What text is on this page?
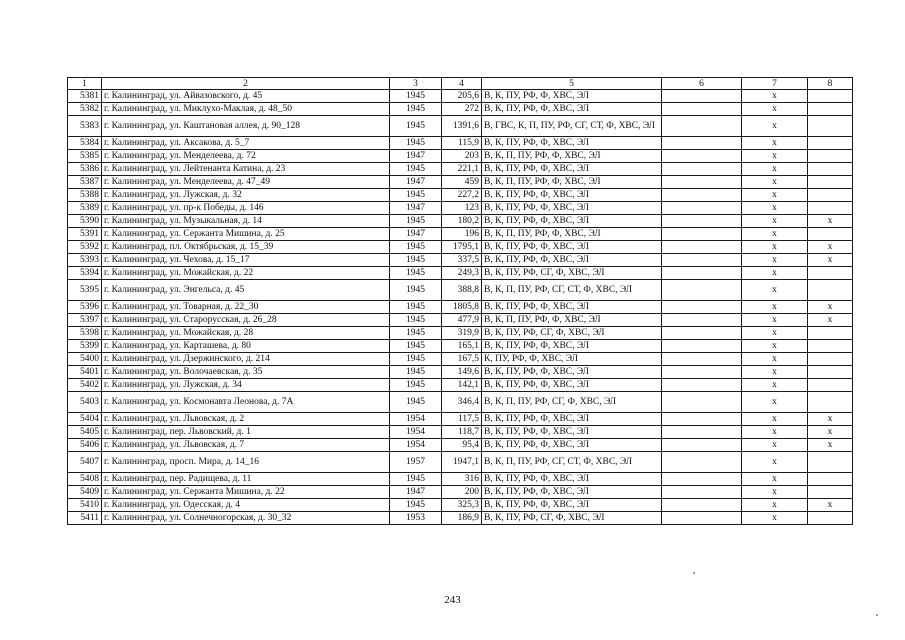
1	2	3	4	5	6	7	8
5381	г. Калининград, ул. Айвазовского, д. 45	1945	205,6	В, К, ПУ, РФ, Ф, ХВС, ЭЛ		x	
5382	г. Калининград, ул. Миклухо-Маклая, д. 48_50	1945	272	В, К, ПУ, РФ, Ф, ХВС, ЭЛ		x	
5383	г. Калининград, ул. Каштановая аллея, д. 90_128	1945	1391,6	В, ГВС, К, П, ПУ, РФ, СГ, СТ, Ф, ХВС, ЭЛ		x	
5384	г. Калининград, ул. Аксакова, д. 5_7	1945	115,9	В, К, ПУ, РФ, Ф, ХВС, ЭЛ		x	
5385	г. Калининград, ул. Менделеева, д. 72	1947	203	В, К, П, ПУ, РФ, Ф, ХВС, ЭЛ		x	
5386	г. Калининград, ул. Лейтенанта Катина, д. 23	1945	221,1	В, К, ПУ, РФ, Ф, ХВС, ЭЛ		x	
5387	г. Калининград, ул. Менделеева, д. 47_49	1947	459	В, К, П, ПУ, РФ, Ф, ХВС, ЭЛ		x	
5388	г. Калининград, ул. Лужская, д. 32	1945	227,2	В, К, ПУ, РФ, Ф, ХВС, ЭЛ		x	
5389	г. Калининград, ул. пр-к Победы, д. 146	1947	123	В, К, ПУ, РФ, Ф, ХВС, ЭЛ		x	
5390	г. Калининград, ул. Музыкальная, д. 14	1945	180,2	В, К, ПУ, РФ, Ф, ХВС, ЭЛ		x	x
5391	г. Калининград, ул. Сержанта Мишина, д. 25	1947	196	В, К, П, ПУ, РФ, Ф, ХВС, ЭЛ		x	
5392	г. Калининград, пл. Октябрьская, д. 15_39	1945	1795,1	В, К, ПУ, РФ, Ф, ХВС, ЭЛ		x	x
5393	г. Калининград, ул. Чехова, д. 15_17	1945	337,5	В, К, ПУ, РФ, Ф, ХВС, ЭЛ		x	x
5394	г. Калининград, ул. Можайская, д. 22	1945	249,3	В, К, ПУ, РФ, СГ, Ф, ХВС, ЭЛ		x	
5395	г. Калининград, ул. Энгельса, д. 45	1945	388,8	В, К, П, ПУ, РФ, СГ, СТ, Ф, ХВС, ЭЛ		x	
5396	г. Калининград, ул. Товарная, д. 22_30	1945	1805,8	В, К, ПУ, РФ, Ф, ХВС, ЭЛ		x	x
5397	г. Калининград, ул. Старорусская, д. 26_28	1945	477,9	В, К, П, ПУ, РФ, Ф, ХВС, ЭЛ		x	x
5398	г. Калининград, ул. Можайская, д. 28	1945	319,9	В, К, ПУ, РФ, СГ, Ф, ХВС, ЭЛ		x	
5399	г. Калининград, ул. Карташева, д. 80	1945	165,1	В, К, ПУ, РФ, Ф, ХВС, ЭЛ		x	
5400	г. Калининград, ул. Дзержинского, д. 214	1945	167,5	К, ПУ, РФ, Ф, ХВС, ЭЛ		x	
5401	г. Калининград, ул. Волочаевская, д. 35	1945	149,6	В, К, ПУ, РФ, Ф, ХВС, ЭЛ		x	
5402	г. Калининград, ул. Лужская, д. 34	1945	142,1	В, К, ПУ, РФ, Ф, ХВС, ЭЛ		x	
5403	г. Калининград, ул. Космонавта Леонова, д. 7А	1945	346,4	В, К, П, ПУ, РФ, СГ, Ф, ХВС, ЭЛ		x	
5404	г. Калининград, ул. Львовская, д. 2	1954	117,5	В, К, ПУ, РФ, Ф, ХВС, ЭЛ		x	x
5405	г. Калининград, пер. Львовский, д. 1	1954	118,7	В, К, ПУ, РФ, Ф, ХВС, ЭЛ		x	x
5406	г. Калининград, ул. Львовская, д. 7	1954	95,4	В, К, ПУ, РФ, Ф, ХВС, ЭЛ		x	x
5407	г. Калининград, просп. Мира, д. 14_16	1957	1947,1	В, К, П, ПУ, РФ, СГ, СТ, Ф, ХВС, ЭЛ		x	
5408	г. Калининград, пер. Радищева, д. 11	1945	316	В, К, ПУ, РФ, Ф, ХВС, ЭЛ		x	
5409	г. Калининград, ул. Сержанта Мишина, д. 22	1947	200	В, К, ПУ, РФ, Ф, ХВС, ЭЛ		x	
5410	г. Калининград, ул. Одесская, д. 4	1945	325,3	В, К, ПУ, РФ, Ф, ХВС, ЭЛ		x	x
5411	г. Калининград, ул. Солнечногорская, д. 30_32	1953	186,9	В, К, ПУ, РФ, СГ, Ф, ХВС, ЭЛ		x	
243
